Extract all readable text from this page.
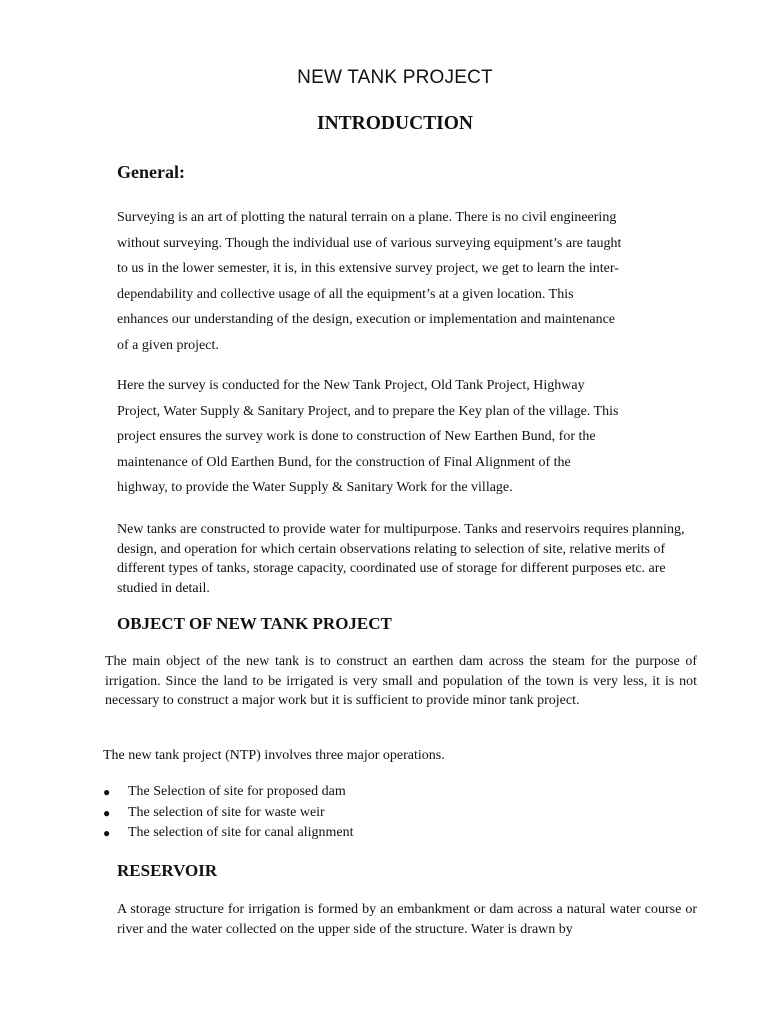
NEW TANK PROJECT
INTRODUCTION
General:
Surveying is an art of plotting the natural terrain on a plane. There is no civil engineering
without surveying. Though the individual use of various surveying equipment’s are taught
to us in the lower semester, it is, in this extensive survey project, we get to learn the inter-
dependability and collective usage of all the equipment’s at a given location. This
enhances our understanding of the design, execution or implementation and maintenance
of a given project.
Here the survey is conducted for the New Tank Project, Old Tank Project, Highway
Project, Water Supply & Sanitary Project, and to prepare the Key plan of the village. This
project ensures the survey work is done to construction of New Earthen Bund, for the
maintenance of Old Earthen Bund, for the construction of Final Alignment of the
highway, to provide the Water Supply & Sanitary Work for the village.

New tanks are constructed to provide water for multipurpose. Tanks and reservoirs requires planning, design, and operation for which certain observations relating to selection of site, relative merits of different types of tanks, storage capacity, coordinated use of storage for different purposes etc. are studied in detail.

OBJECT OF NEW TANK PROJECT

The main object of the new tank is to construct an earthen dam across the steam for the purpose of irrigation. Since the land to be irrigated is very small and population of the town is very less, it is not necessary to construct a major work but it is sufficient to provide minor tank project.

The new tank project (NTP) involves three major operations.

● The Selection of site for proposed dam
● The selection of site for waste weir
● The selection of site for canal alignment
RESERVOIR

A storage structure for irrigation is formed by an embankment or dam across a natural water course or river and the water collected on the upper side of the structure. Water is drawn by
